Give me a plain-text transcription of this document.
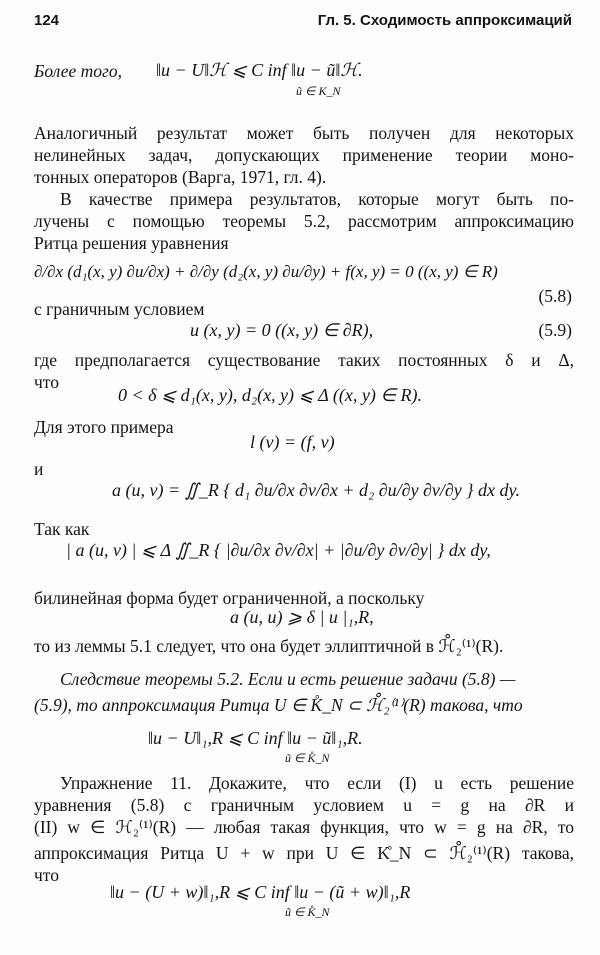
124	Гл. 5. Сходимость аппроксимаций
Более того,	‖u − U‖ℋ ⩽ C inf ‖u − ũ‖ℋ.
ũ ∈ K_N
Аналогичный результат может быть получен для некоторых
нелинейных задач, допускающих применение теории моно-
тонных операторов (Варга, 1971, гл. 4).
В качестве примера результатов, которые могут быть по-
лучены с помощью теоремы 5.2, рассмотрим аппроксимацию
Ритца решения уравнения
∂/∂x (d₁(x, y) ∂u/∂x) + ∂/∂y (d₂(x, y) ∂u/∂y) + f(x, y) = 0 ((x, y) ∈ R)
(5.8)
с граничным условием
u (x, y) = 0 ((x, y) ∈ ∂R),	(5.9)
где предполагается существование таких постоянных δ и Δ,
что
0 < δ ⩽ d₁(x, y), d₂(x, y) ⩽ Δ ((x, y) ∈ R).
Для этого примера
l (v) = (f, v)
и
a (u, v) = ∬_R { d₁ ∂u/∂x ∂v/∂x + d₂ ∂u/∂y ∂v/∂y } dx dy.
Так как
| a (u, v) | ⩽ Δ ∬_R { |∂u/∂x ∂v/∂x| + |∂u/∂y ∂v/∂y| } dx dy,
билинейная форма будет ограниченной, а поскольку
a (u, u) ⩾ δ | u |₁,R,
то из леммы 5.1 следует, что она будет эллиптичной в ℋ̊₂⁽¹⁾(R).
Следствие теоремы 5.2. Если u есть решение задачи (5.8) —
(5.9), то аппроксимация Ритца U ∈ K̊_N ⊂ ℋ̊₂⁽¹⁾(R) такова, что
‖u − U‖₁,R ⩽ C inf ‖u − ũ‖₁,R.
ũ ∈ K̊_N
Упражнение 11. Докажите, что если (I) u есть решение
уравнения (5.8) с граничным условием u = g на ∂R и
(II) w ∈ ℋ₂⁽¹⁾(R) — любая такая функция, что w = g на ∂R, то
аппроксимация Ритца U + w при U ∈ K̊_N ⊂ ℋ̊₂⁽¹⁾(R) такова,
что
‖u − (U + w)‖₁,R ⩽ C inf ‖u − (ũ + w)‖₁,R
ũ ∈ K̊_N
